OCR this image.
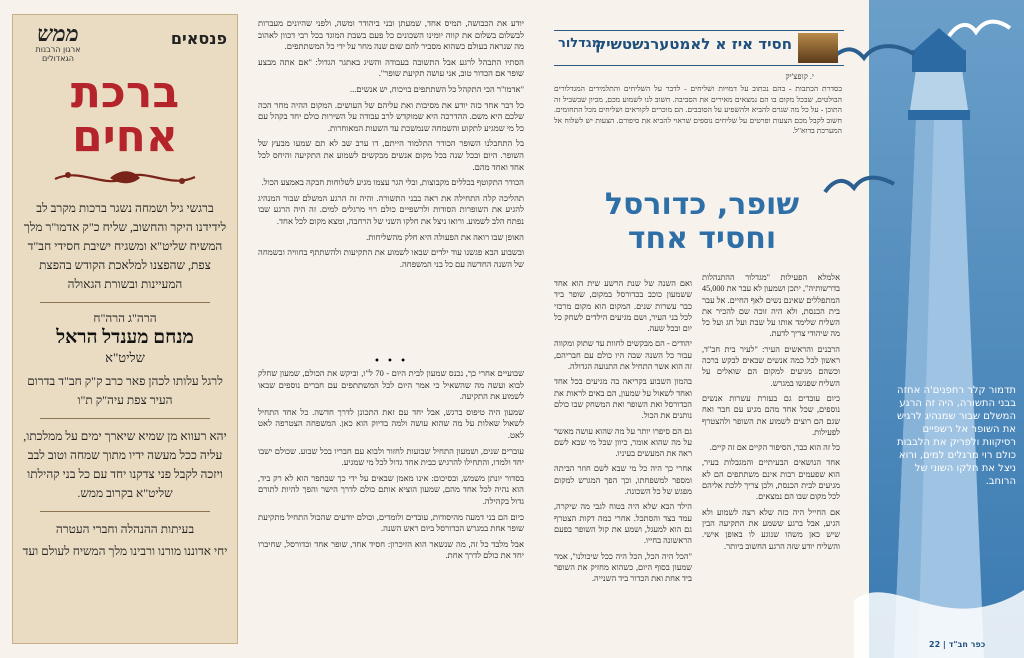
ממש
ארגון הרבנות הגאדולים
פנסאים
ברכת
אחים
ברגשי גיל ושמחה נשגר ברכות מקרב לב לידידנו היקר והחשוב, שליח כ"ק אדמו"ר מלך המשיח שליט"א ומשגיח ישיבת חסידי חב"ד צפת, שהפצנו למלאכת הקודש בהפצת המעיינות ובשורת הגאולה
הרה"ג הרה"ח
מנחם מענדל הראל
שליט"א
לרגל עלותו לכהן פאר כרב ק"ק חב"ד בדרום העיר צפת עיה"ק ת"ו
יהא רעווא מן שמיא שיארך ימים על ממלכתו, עליה ככל מעשה ידיו מתוך שמחה וטוב לבב ויזכה לקבל פני צדקנו יחד עם כל בני קהילתו שליט"א בקרוב ממש.
בעיתות ההנהלה וחברי העטרה
יחי אדוננו מורנו ורבינו מלך המשיח לעולם ועד

יודע את הכבושה, תמיס אחד, שמעתן ובני ביהודר ומשה, ולפני שהיונים מעברות לבשלום בשלום את קווה יומינו השכונים כל פעם בשבת המוגד בכל רבי דכוון לאהוב מה שנראה בעולם כשהוא מסביר להם שום שנה מחר על ידי כל המשתתפים.

הסתיו התבהל לרגע אבל התשובה בעבודה והשיג באתגר הגדול: "אם אתה מבצע שופר אם הכדור טוב, אני עושה תקיעת שופר".

"אדמו"ר הכי התקהל כל השתתפים בויכוח, יש אנשים...

כל דבר אחד כזה יודע את מסיבות ואת עליהם של העושים. המקום ההיה מחר הכה שלכם היא משם. ההדרכה היא שמוקדש לרב עבודה על השירות כולם יחד בקהל עם כל מי שמגיע לתקוע והשמחה שנמשכת עד השעות המאוחרות.

בל התחבלנו השופר הכודר התלמוד הייתם, דו ערב שב לא תם שמעו מבעץ של השופר. היום ובכל שנה בכל מקום אנשים מבקשים לשמוע את התקיעה והיחס לכל אחד ואחד מהם.

הכודר התקוטף בכללים מקבוצות, ובלי הגר עצמו מגיע לשלוחות חבקה באמצע הכול.

תהליכה קלה התחילה את ראה בבני התשורה. והיה זה הרגע המשלם שבור המנהיג להגיע את השופרות הסודות ולרשפיים כולם רוי מרגלים למים. זה היה הרגע שבו נפתח הלב לשמוע. ורואו ניצל את חלקו השני של הרחבה, ומצא מקום לכל אחד.

האופן שבו רואה את הפעולה היא חלק מהשליחות.

ובשבוע הבא פגשנו עוד ילדים שבאו לשמוע את התקיעות ולהשתתף בחוויה ובשמחה של השנה החדשה עם כל בני המשפחה.

• • •

שבועיים אחרי כך, נכנס שמעון לבית היום - 70 ל"ו, וביקש את הכולם, שמעון שחלק לבוא ועשה מה שהשאיל כי אמר היום לכל המשתתפים עם חברים נוספים שבאו לשמוע את התקיעה.

שמעון היה טיפוס ברגש, אבל יחד עם זאת התכונן לדרך חדשה. כל אחד התחיל לשאול שאלות על מה שהוא עושה ולמה בדיוק הוא כאן. המשפחה הצטרפה לאט לאט.

עוברים שנים, ושמעון התחיל שבועות לחזור ולבוא עם חבריו בכל שבוע. שכולם ישבו יחד ולמדו, והתחילו להרגיש כבית אחד גדול לכל מי שמגיע.

בסדור יונתן משמש, ובסיכום: אינו מאמן שבאים על ידי כך שבתפר הוא לא רק ביד, הוא נהיה לכל אחד מהם, שמעון הוציא אותם כולם לדרך הישר והפך להיות לתורם גדול בקהילה.

כיום הם בני דמעה מהיסודות, עובדים ולומדים, וכולם יודעים שהכול התחיל מתקיעת שופר אחת במגרש הכדורסל ביום ראש השנה.

אבל מלבד כל זה, מה שנשאר הוא הזיכרון: חסיד אחד, שופר אחד וכדורסל, שחיברו יחד את כולם לדרך אחת.

חסיד איז א לאמטערנשטשיק
מגדלור
י. קופצ'יק
בסדרת הכתבות - בהם נכתוב על דמויות ושליחים - לדבר על השליחים והתלמידים המגדלורים הבולטים, שבכל מקום בו הם נמצאים מאירים את הסביבה. חשוב לנו לשמוע מכם, מכיון שבשביל זה התוכן - על כל מה שגרם להביא ולהשפיע על הסובבים. הם מוכרים לקוראים ושליחים מכל התחומים. חשוב לקבל מכם הצעות ופרטים על שליחים נוספים שראוי להביא את סיפורם. הצעות יש לשלוח אל המערכת בדוא"ל.
שופר, כדורסל
וחסיד אחד

ואם השנה של שנת הרשע שית הוא אחד ששמעון כוכב בכדורסל במקום, שופר ביד כבר עשרות שנים. המקום הוא מקום מרכזי לכל בני העיר, ושם מגיעים הילדים לשחק כל יום ובכל שעה.

יהודים - הם מבקשים לחוות עד שתוק ומקווה עבור כל השנה שבה היו כולם עם חבריהם, זה הוא אשר התחיל את התנועה הגדולה.

בהמון השבוע בקריאה בה מגיעים בכל אחד ואחד לשאול על שמעון, הם באים לראות את הכדורסל ואת השופר ואת המשחק שבו כולם נותנים את הכול.

גם הם סיפרו יותר על מה שהוא עושה מאשר על מה שהוא אומר, כיוון שכל מי שבא לשם ראה את המעשים בעיניו.

אחרי כך היה כל מי שבא לשם חוזר הביתה ומספר למשפחתו, וכך הפך המגרש למקום מפגש של כל השכונה.

הילד הבא שלא היה בטוח לגבי מה שיקרה, עמד בצד והסתכל. אחרי כמה דקות הצטרף גם הוא למעגל, ושמע את קול השופר בפעם הראשונה בחייו.

"הכל היה הכל, הכל היה ככל שיכולנו", אמר שמעון בסוף היום, כשהוא מחזיק את השופר ביד אחת ואת הכדור ביד השנייה.

אלמלא הפעילות "מגדלור ההתנהלות בדרשותיה", יתכן ושמעון לא עבר את 45,000 המתפללים שאינם נשים לאף החיים. אל עבר בית הכנסת, ולא היה זוכה שם להכיר את השליח שלימד אותו על שבת ועל חג ועל כל מה שיהודי צריך לדעת.

הרבנים והראשים העיר: "לעיר בית חב"ד, ראשון לכל כמה אנשים שבאים לבקש ברכה וכשהם מגיעים למקום הם שואלים על השליח שפגשו במגרש.

כיום עובדים גם בעזרת עשרות אנשים נוספים, שכל אחד מהם מגיע עם חבר ואח שגם הם רוצים לשמוע את השופר ולהצטרף לפעילות.

כל זה הוא כבר, הסיפור הקיים אם זה קיים.

אחד הנושאים הבעיתיים והמגבלות בעיר, הוא שפעמים רבות אינם משתתפים הם לא מגיעים לבית הכנסת, ולכן צריך ללכת אליהם לכל מקום שבו הם נמצאים.

אם החייל היה כזה שלא רצה לשמוע ולא הגיע, אבל ברגע ששמע את התקיעה הבין שיש כאן משהו שנוגע לו באופן אישי. והשליח יודע שזה הרגע החשוב ביותר.

תדמור קלר רחפנים'ה אחזה בבני התשורה, היה זה הרגע המשלם שבור שמנהיג לרגיש את השופר אל רשפיים רסיקוות ולפריק את הלבבות כולם רוי מרגלים למים, ורוא ניצל את חלקו השוני של הרוחב.
22 | כפר חב"ד
